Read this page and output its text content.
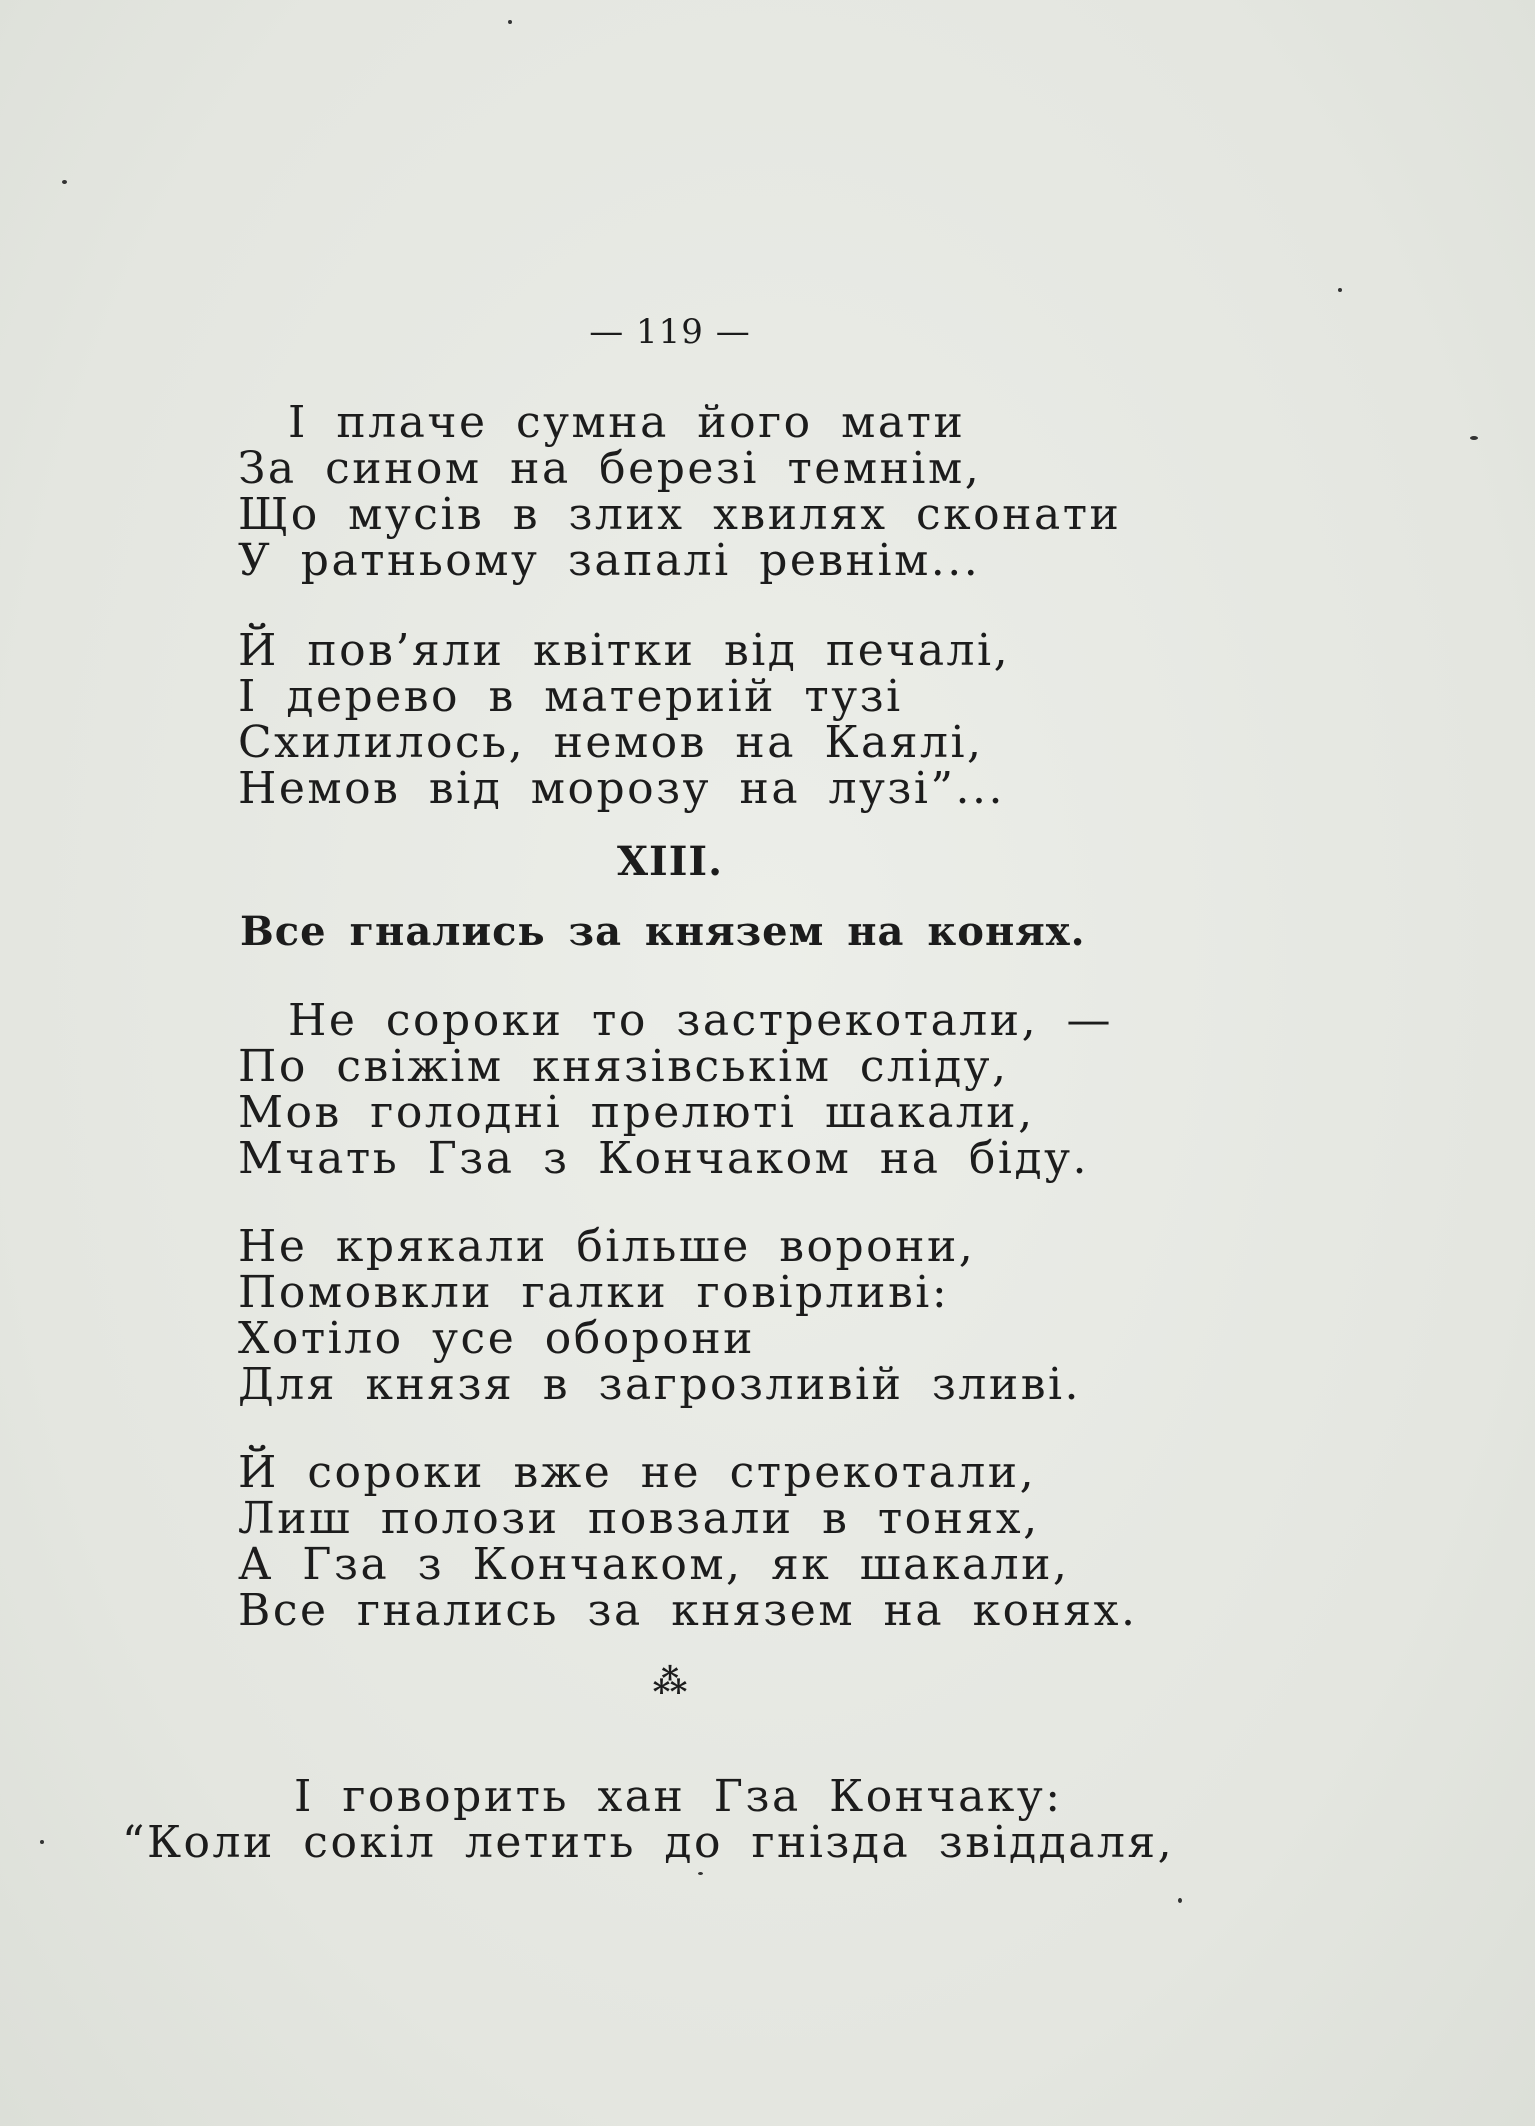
— 119 —
І плаче сумна його мати
За сином на березі темнім,
Що мусів в злих хвилях сконати
У ратньому запалі ревнім...
Й пов’яли квітки від печалі,
І дерево в материій тузі
Схилилось, немов на Каялі,
Немов від морозу на лузі”...
XIII.
Все гнались за князем на конях.
Не сороки то застрекотали, —
По свіжім князівськім сліду,
Мов голодні прелюті шакали,
Мчать Гза з Кончаком на біду.
Не крякали більше ворони,
Помовкли галки говірливі:
Хотіло усе оборони
Для князя в загрозливій зливі.
Й сороки вже не стрекотали,
Лиш полози повзали в тонях,
А Гза з Кончаком, як шакали,
Все гнались за князем на конях.
⁂
І говорить хан Гза Кончаку:
“Коли сокіл летить до гнізда звіддаля,
